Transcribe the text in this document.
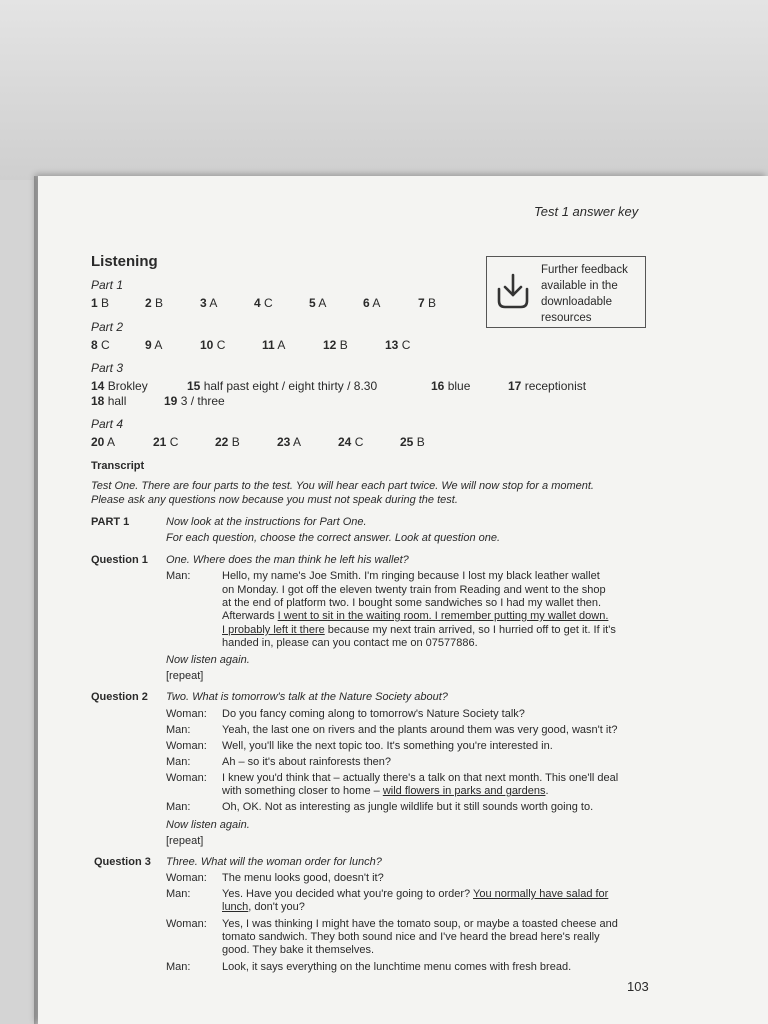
Test 1 answer key
Listening	Further feedback available in the downloadable resources
Part 1
1 B	2 B	3 A	4 C	5 A	6 A	7 B
Part 2
8 C	9 A	10 C	11 A	12 B	13 C
Part 3
14 Brokley	15 half past eight / eight thirty / 8.30	16 blue	17 receptionist
18 hall	19 3 / three
Part 4
20 A	21 C	22 B	23 A	24 C	25 B
Transcript
Test One. There are four parts to the test. You will hear each part twice. We will now stop for a moment.
Please ask any questions now because you must not speak during the test.
PART 1	Now look at the instructions for Part One.
For each question, choose the correct answer. Look at question one.
Question 1 One. Where does the man think he left his wallet?
Man:	Hello, my name's Joe Smith. I'm ringing because I lost my black leather wallet
on Monday. I got off the eleven twenty train from Reading and went to the shop
at the end of platform two. I bought some sandwiches so I had my wallet then.
Afterwards I went to sit in the waiting room. I remember putting my wallet down.
I probably left it there because my next train arrived, so I hurried off to get it. If it's
handed in, please can you contact me on 07577886.
Now listen again.
[repeat]
Question 2 Two. What is tomorrow's talk at the Nature Society about?
Woman: Do you fancy coming along to tomorrow's Nature Society talk?
Man:	Yeah, the last one on rivers and the plants around them was very good, wasn't it?
Woman: Well, you'll like the next topic too. It's something you're interested in.
Man:	Ah – so it's about rainforests then?
Woman: I knew you'd think that – actually there's a talk on that next month. This one'll deal
with something closer to home – wild flowers in parks and gardens.
Man:	Oh, OK. Not as interesting as jungle wildlife but it still sounds worth going to.
Now listen again.
[repeat]
Question 3 Three. What will the woman order for lunch?
Woman: The menu looks good, doesn't it?
Man:	Yes. Have you decided what you're going to order? You normally have salad for
lunch, don't you?
Woman: Yes, I was thinking I might have the tomato soup, or maybe a toasted cheese and
tomato sandwich. They both sound nice and I've heard the bread here's really
good. They bake it themselves.
Man:	Look, it says everything on the lunchtime menu comes with fresh bread.
103
